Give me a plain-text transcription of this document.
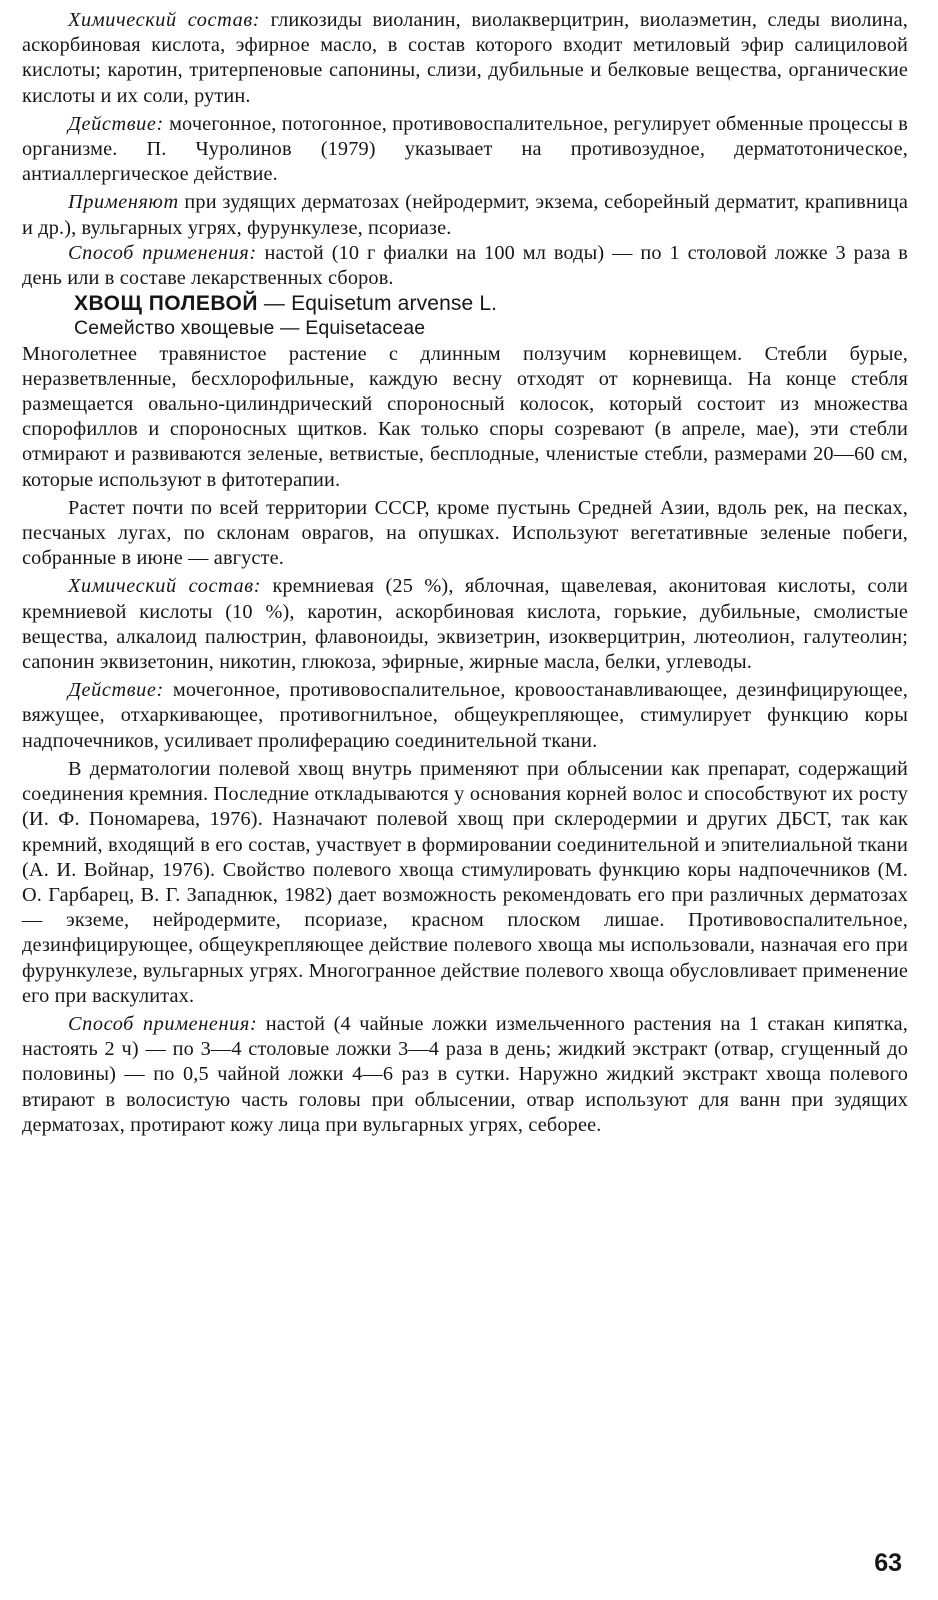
Химический состав: гликозиды виоланин, виолакверцитрин, виолаэметин, следы виолина, аскорбиновая кислота, эфирное масло, в состав которого входит метиловый эфир салициловой кислоты; каротин, тритерпеновые сапонины, слизи, дубильные и белковые вещества, органические кислоты и их соли, рутин.

Действие: мочегонное, потогонное, противовоспалительное, регулирует обменные процессы в организме. П. Чуролинов (1979) указывает на противозудное, дерматотоническое, антиаллергическое действие.

Применяют при зудящих дерматозах (нейродермит, экзема, себорейный дерматит, крапивница и др.), вульгарных угрях, фурункулезе, псориазе.

Способ применения: настой (10 г фиалки на 100 мл воды) — по 1 столовой ложке 3 раза в день или в составе лекарственных сборов.

ХВОЩ ПОЛЕВОЙ — Equisetum arvense L.

Семейство хвощевые — Equisetaceae

Многолетнее травянистое растение с длинным ползучим корневищем. Стебли бурые, неразветвленные, бесхлорофильные, каждую весну отходят от корневища. На конце стебля размещается овально-цилиндрический спороносный колосок, который состоит из множества спорофиллов и спороносных щитков. Как только споры созревают (в апреле, мае), эти стебли отмирают и развиваются зеленые, ветвистые, бесплодные, членистые стебли, размерами 20—60 см, которые используют в фитотерапии.

Растет почти по всей территории СССР, кроме пустынь Средней Азии, вдоль рек, на песках, песчаных лугах, по склонам оврагов, на опушках. Используют вегетативные зеленые побеги, собранные в июне — августе.

Химический состав: кремниевая (25 %), яблочная, щавелевая, аконитовая кислоты, соли кремниевой кислоты (10 %), каротин, аскорбиновая кислота, горькие, дубильные, смолистые вещества, алкалоид палюстрин, флавоноиды, эквизетрин, изокверцитрин, лютеолион, галутеолин; сапонин эквизетонин, никотин, глюкоза, эфирные, жирные масла, белки, углеводы.

Действие: мочегонное, противовоспалительное, кровоостанавливающее, дезинфицирующее, вяжущее, отхаркивающее, противогнилъное, общеукрепляющее, стимулирует функцию коры надпочечников, усиливает пролиферацию соединительной ткани.

В дерматологии полевой хвощ внутрь применяют при облысении как препарат, содержащий соединения кремния. Последние откладываются у основания корней волос и способствуют их росту (И. Ф. Пономарева, 1976). Назначают полевой хвощ при склеродермии и других ДБСТ, так как кремний, входящий в его состав, участвует в формировании соединительной и эпителиальной ткани (А. И. Войнар, 1976). Свойство полевого хвоща стимулировать функцию коры надпочечников (М. О. Гарбарец, В. Г. Западнюк, 1982) дает возможность рекомендовать его при различных дерматозах — экземе, нейродермите, псориазе, красном плоском лишае. Противовоспалительное, дезинфицирующее, общеукрепляющее действие полевого хвоща мы использовали, назначая его при фурункулезе, вульгарных угрях. Многогранное действие полевого хвоща обусловливает применение его при васкулитах.

Способ применения: настой (4 чайные ложки измельченного растения на 1 стакан кипятка, настоять 2 ч) — по 3—4 столовые ложки 3—4 раза в день; жидкий экстракт (отвар, сгущенный до половины) — по 0,5 чайной ложки 4—6 раз в сутки. Наружно жидкий экстракт хвоща полевого втирают в волосистую часть головы при облысении, отвар используют для ванн при зудящих дерматозах, протирают кожу лица при вульгарных угрях, себорее.

63
